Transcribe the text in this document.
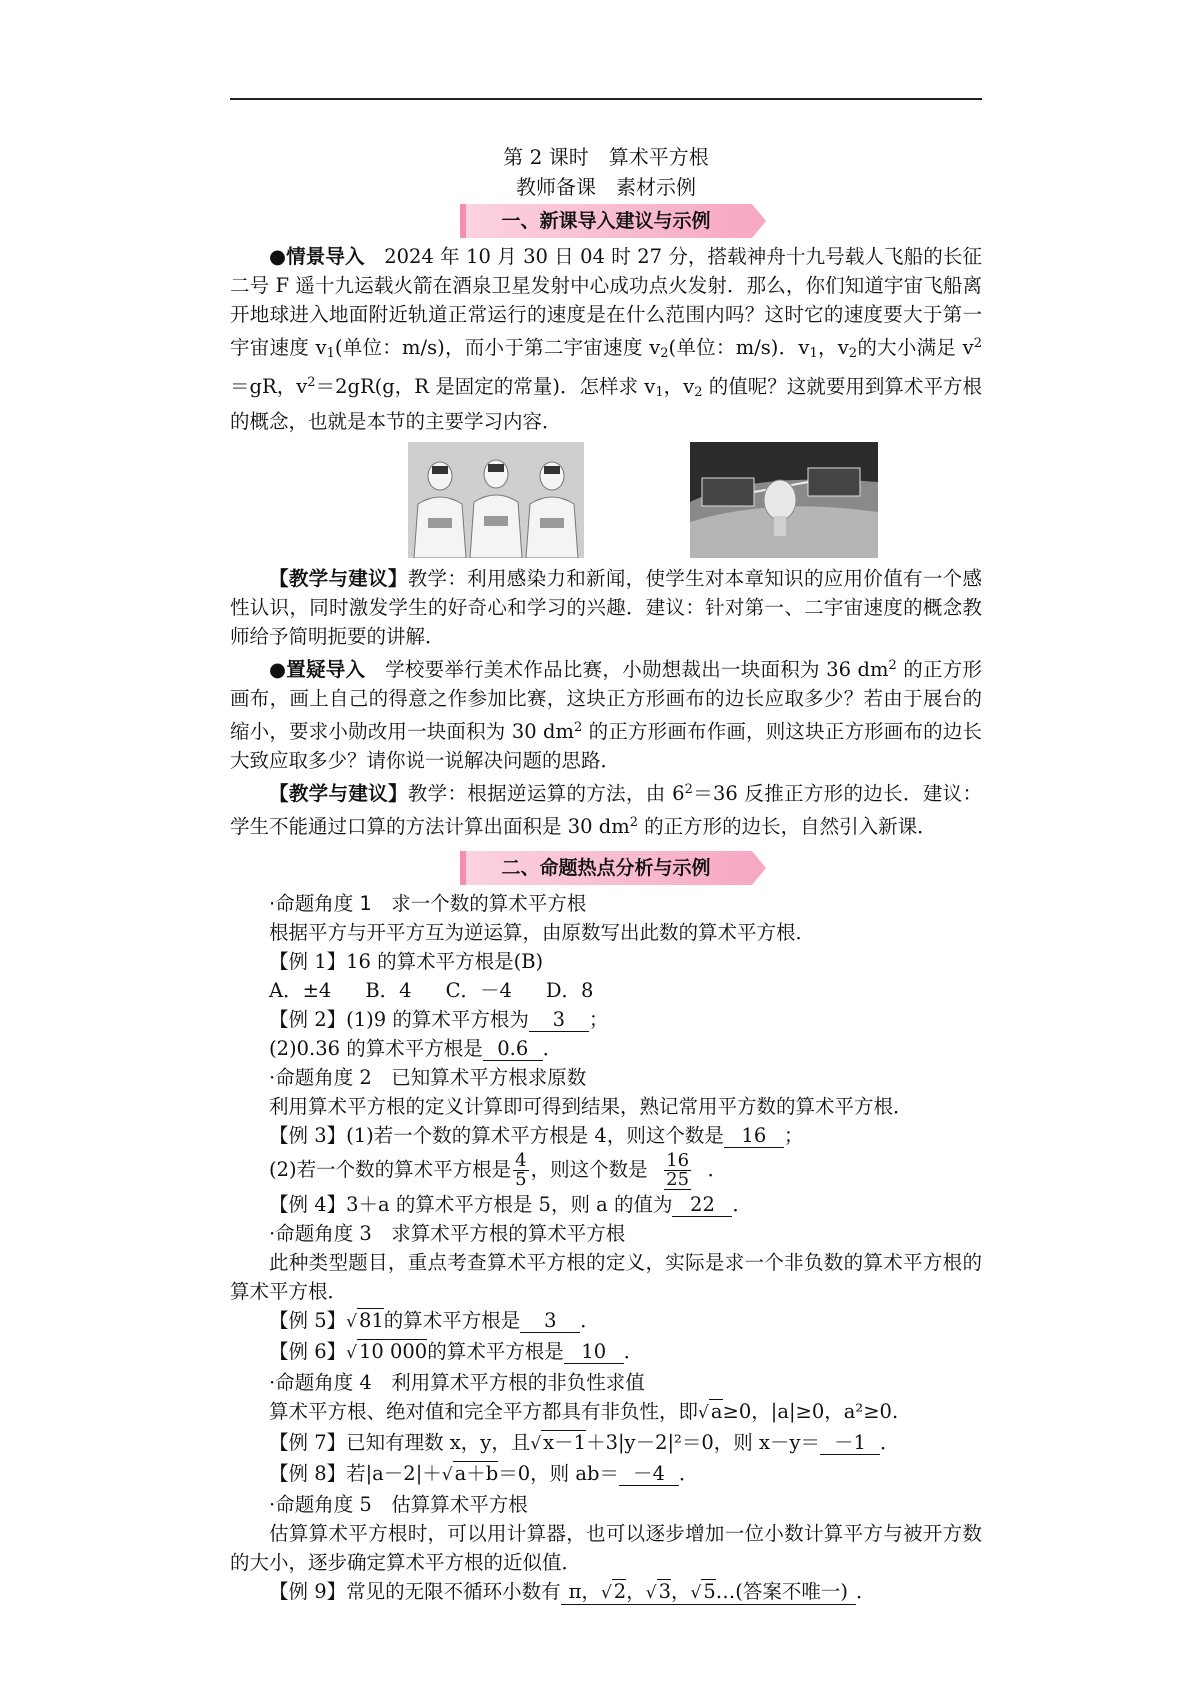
第 2 课时　算术平方根
教师备课　素材示例
一、新课导入建议与示例

●情景导入　2024 年 10 月 30 日 04 时 27 分，搭载神舟十九号载人飞船的长征二号 F 遥十九运载火箭在酒泉卫星发射中心成功点火发射．那么，你们知道宇宙飞船离开地球进入地面附近轨道正常运行的速度是在什么范围内吗？这时它的速度要大于第一宇宙速度 $v_1$(单位：m/s)，而小于第二宇宙速度 $v_2$(单位：m/s)．$v_1$，$v_2$的大小满足 $v^2=gR$，$v^2=2gR(g$，R 是固定的常量)．怎样求 $v_1$，$v_2$ 的值呢？这就要用到算术平方根的概念，也就是本节的主要学习内容．

【教学与建议】教学：利用感染力和新闻，使学生对本章知识的应用价值有一个感性认识，同时激发学生的好奇心和学习的兴趣．建议：针对第一、二宇宙速度的概念教师给予简明扼要的讲解．

●置疑导入　学校要举行美术作品比赛，小勋想裁出一块面积为 36 $dm^2$ 的正方形画布，画上自己的得意之作参加比赛，这块正方形画布的边长应取多少？若由于展台的缩小，要求小勋改用一块面积为 30 $dm^2$ 的正方形画布作画，则这块正方形画布的边长大致应取多少？请你说一说解决问题的思路．

【教学与建议】教学：根据逆运算的方法，由 $6^2=36$ 反推正方形的边长．建议：学生不能通过口算的方法计算出面积是 30 $dm^2$ 的正方形的边长，自然引入新课．

二、命题热点分析与示例

·命题角度 1　求一个数的算术平方根

根据平方与开平方互为逆运算，由原数写出此数的算术平方根．

【例 1】16 的算术平方根是(B)

A．±4 B．4 C．－4 D．8

【例 2】(1)9 的算术平方根为 3 ；

(2)0.36 的算术平方根是 0.6 ．

·命题角度 2　已知算术平方根求原数

利用算术平方根的定义计算即可得到结果，熟记常用平方数的算术平方根．

【例 3】(1)若一个数的算术平方根是 4，则这个数是 16 ；

(2)若一个数的算术平方根是 $\frac{4}{5}$ ，则这个数是 $\frac{16}{25}$ ．

【例 4】3＋a 的算术平方根是 5，则 a 的值为 22 ．

·命题角度 3　求算术平方根的算术平方根

此种类型题目，重点考查算术平方根的定义，实际是求一个非负数的算术平方根的算术平方根．

【例 5】√ 81的算术平方根是 3 ．

【例 6】√ 10 000的算术平方根是 10 ．

·命题角度 4　利用算术平方根的非负性求值

算术平方根、绝对值和完全平方都具有非负性，即√ a≥0，|a|≥0，a²≥0.

【例 7】已知有理数 x，y，且√ x－1＋3|y－2|²＝0，则 x－y＝ －1 ．

【例 8】若|a－2|＋√ a＋b＝0，则 ab＝ －4 ．

·命题角度 5　估算算术平方根

估算算术平方根时，可以用计算器，也可以逐步增加一位小数计算平方与被开方数的大小，逐步确定算术平方根的近似值．

【例 9】常见的无限不循环小数有 π，√ 2，√ 3，√ 5…(答案不唯一) ．
